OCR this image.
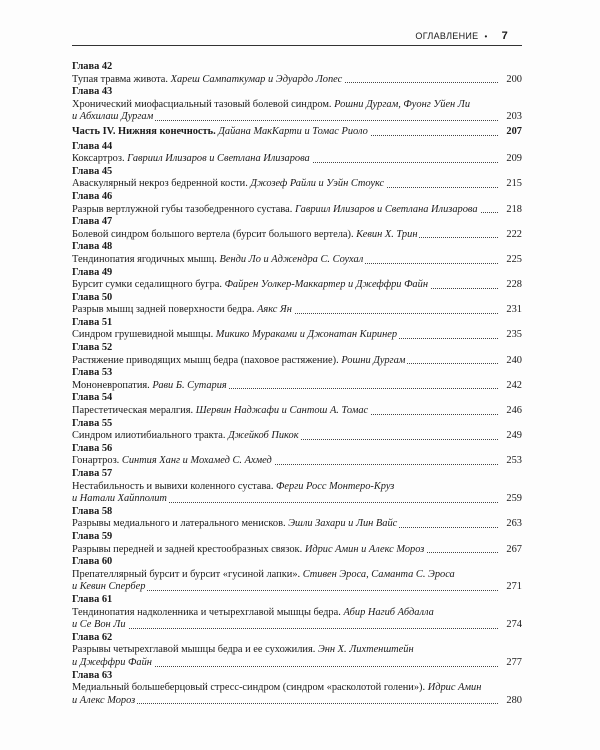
ОГЛАВЛЕНИЕ • 7
Глава 42
Тупая травма живота. Хареш Сампаткумар и Эдуардо Лопес	200
Глава 43
Хронический миофасциальный тазовый болевой синдром. Рошни Дургам, Фуонг Уйен Ли
и Абхилаш Дургам	203
Часть IV. Нижняя конечность. Дайана МакКарти и Томас Риоло	207
Глава 44
Коксартроз. Гавриил Илизаров и Светлана Илизарова	209
Глава 45
Аваскулярный некроз бедренной кости. Джозеф Райли и Уэйн Стоукс	215
Глава 46
Разрыв вертлужной губы тазобедренного сустава. Гавриил Илизаров и Светлана Илизарова	218
Глава 47
Болевой синдром большого вертела (бурсит большого вертела). Кевин Х. Трин	222
Глава 48
Тендинопатия ягодичных мышц. Венди Ло и Аджендра С. Соухал	225
Глава 49
Бурсит сумки седалищного бугра. Файрен Уолкер-Маккартер и Джеффри Файн	228
Глава 50
Разрыв мышц задней поверхности бедра. Аякс Ян	231
Глава 51
Синдром грушевидной мышцы. Микико Мураками и Джонатан Киринер	235
Глава 52
Растяжение приводящих мышц бедра (паховое растяжение). Рошни Дургам	240
Глава 53
Мононевропатия. Рави Б. Сутария	242
Глава 54
Парестетическая мералгия. Шервин Наджафи и Сантош А. Томас	246
Глава 55
Синдром илиотибиального тракта. Джейкоб Пикок	249
Глава 56
Гонартроз. Синтия Ханг и Мохамед С. Ахмед	253
Глава 57
Нестабильность и вывихи коленного сустава. Ферги Росс Монтеро-Круз
и Натали Хайпполит	259
Глава 58
Разрывы медиального и латерального менисков. Эшли Захари и Лин Вайс	263
Глава 59
Разрывы передней и задней крестообразных связок. Идрис Амин и Алекс Мороз	267
Глава 60
Препателлярный бурсит и бурсит «гусиной лапки». Стивен Эроса, Саманта С. Эроса
и Кевин Спербер	271
Глава 61
Тендинопатия надколенника и четырехглавой мышцы бедра. Абир Нагиб Абдалла
и Се Вон Ли	274
Глава 62
Разрывы четырехглавой мышцы бедра и ее сухожилия. Энн Х. Лихтенштейн
и Джеффри Файн	277
Глава 63
Медиальный большеберцовый стресс-синдром (синдром «расколотой голени»). Идрис Амин
и Алекс Мороз	280
